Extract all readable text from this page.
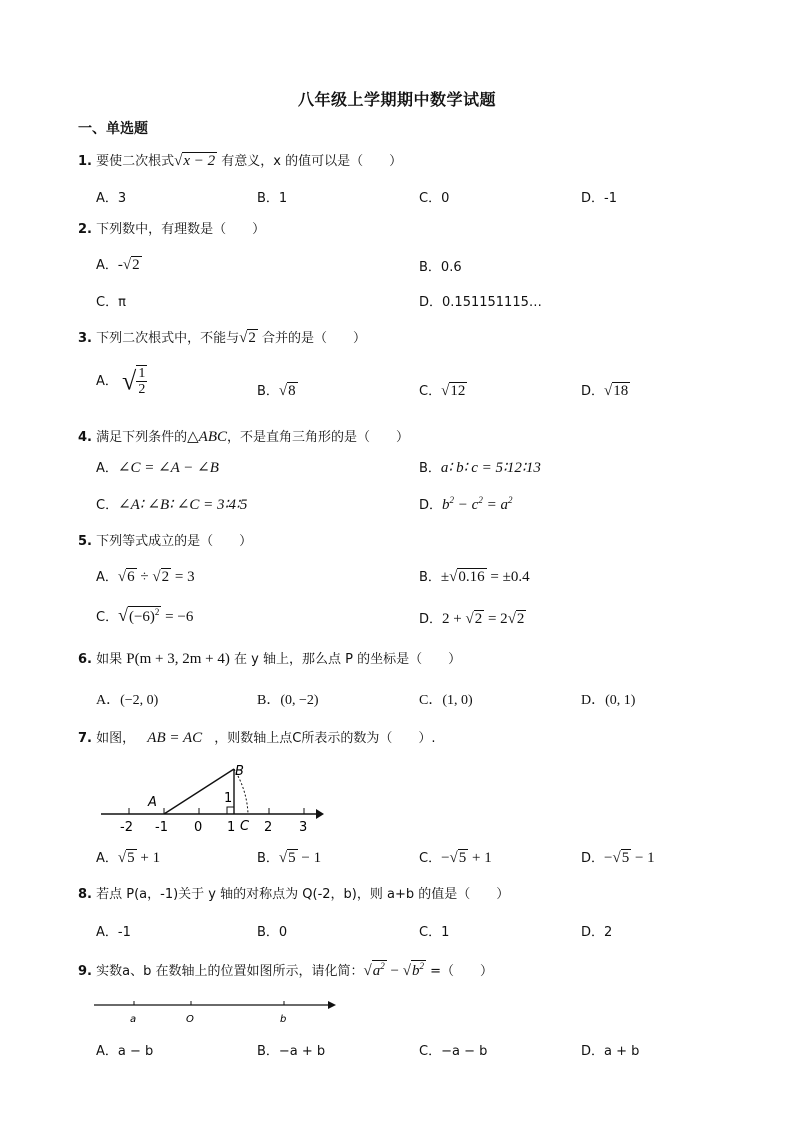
八年级上学期期中数学试题
一、单选题
1. 要使二次根式√x − 2 有意义，x 的值可以是（　　）
A．3	B．1	C．0	D．-1
2. 下列数中，有理数是（　　）
A．-√2	B．0.6
C．π	D．0.151151115…
3. 下列二次根式中，不能与√2 合并的是（　　）
A． √ $\frac{1}{2}$	B．√8	C．√12	D．√18
4. 满足下列条件的△ABC，不是直角三角形的是（　　）
A．∠C = ∠A − ∠B	B．a∶ b∶ c = 5∶12∶13
C．∠A∶ ∠B∶ ∠C = 3∶4∶5	D．$b^2 - c^2 = a^2$
5. 下列等式成立的是（　　）
A．√6 ÷ √2 = 3	B．±√0.16 = ±0.4
C．$√(-6)^2 = -6$	D．2 + √2 = 2√2
6. 如果 P(m + 3, 2m + 4) 在 y 轴上，那么点 P 的坐标是（　　）
A．(−2, 0)	B．(0, −2)	C．(1, 0)	D．(0, 1)
7. 如图， AB = AC ，则数轴上点C所表示的数为（　　）.
A
B
1
C
-2 -1 0 1 2 3
A．√5 + 1	B．√5 − 1	C．−√5 + 1	D．−√5 − 1
8. 若点 P(a，-1)关于 y 轴的对称点为 Q(-2，b)，则 a+b 的值是（　　）
A．-1	B．0	C．1	D．2
9. 实数a、b 在数轴上的位置如图所示，请化简：$√a^2 - √b^2$ =（　　）
a	O	b
A．a − b	B．−a + b	C．−a − b	D．a + b
